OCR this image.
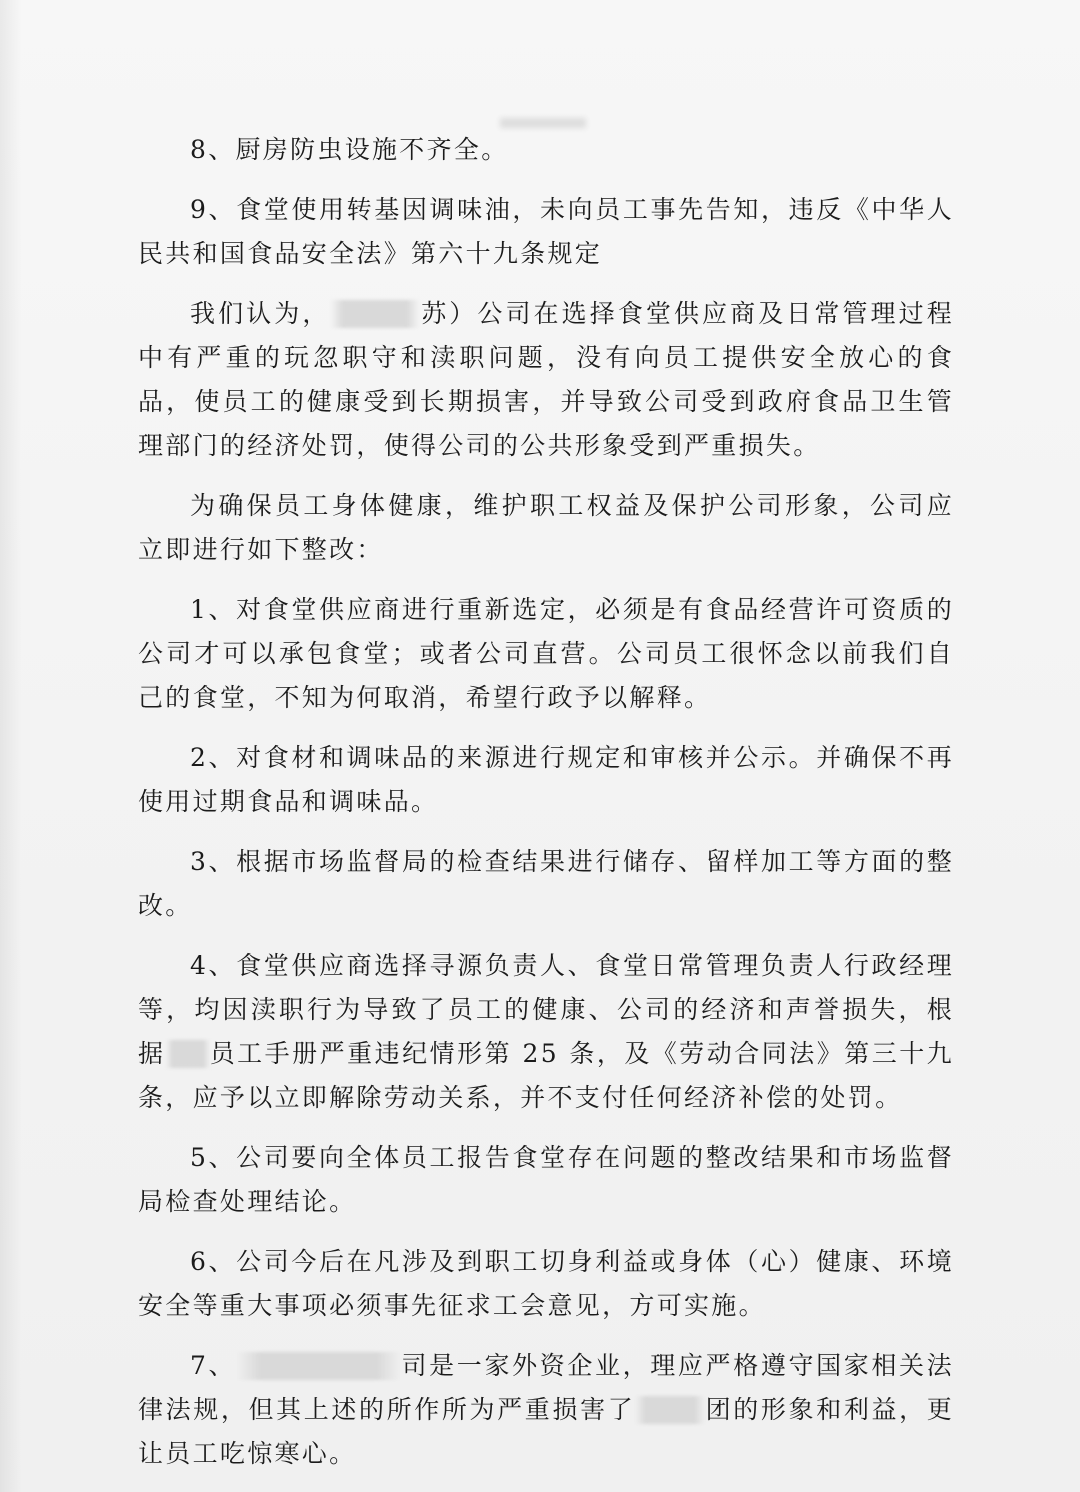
8、厨房防虫设施不齐全。

9、食堂使用转基因调味油，未向员工事先告知，违反《中华人民共和国食品安全法》第六十九条规定

我们认为，	苏）公司在选择食堂供应商及日常管理过程中有严重的玩忽职守和渎职问题，没有向员工提供安全放心的食品，使员工的健康受到长期损害，并导致公司受到政府食品卫生管理部门的经济处罚，使得公司的公共形象受到严重损失。

为确保员工身体健康，维护职工权益及保护公司形象，公司应立即进行如下整改：

1、对食堂供应商进行重新选定，必须是有食品经营许可资质的公司才可以承包食堂；或者公司直营。公司员工很怀念以前我们自己的食堂，不知为何取消，希望行政予以解释。

2、对食材和调味品的来源进行规定和审核并公示。并确保不再使用过期食品和调味品。

3、根据市场监督局的检查结果进行储存、留样加工等方面的整改。

4、食堂供应商选择寻源负责人、食堂日常管理负责人行政经理等，均因渎职行为导致了员工的健康、公司的经济和声誉损失，根据 员工手册严重违纪情形第 25 条，及《劳动合同法》第三十九条，应予以立即解除劳动关系，并不支付任何经济补偿的处罚。

5、公司要向全体员工报告食堂存在问题的整改结果和市场监督局检查处理结论。

6、公司今后在凡涉及到职工切身利益或身体（心）健康、环境安全等重大事项必须事先征求工会意见，方可实施。

7、	司是一家外资企业，理应严格遵守国家相关法律法规，但其上述的所作所为严重损害了	团的形象和利益，更让员工吃惊寒心。
